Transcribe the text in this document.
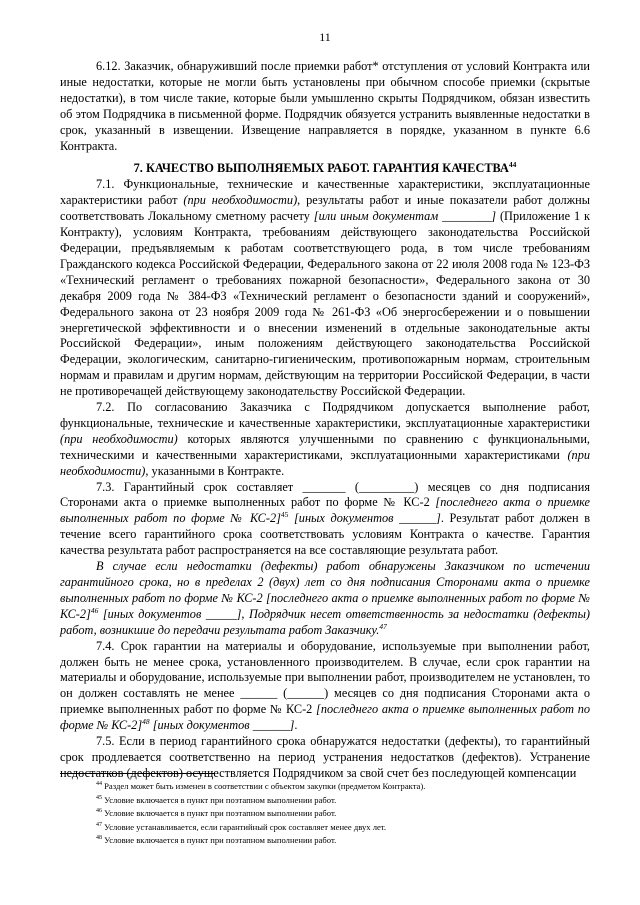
11

6.12. Заказчик, обнаруживший после приемки работ* отступления от условий Контракта или иные недостатки, которые не могли быть установлены при обычном способе приемки (скрытые недостатки), в том числе такие, которые были умышленно скрыты Подрядчиком, обязан известить об этом Подрядчика в письменной форме. Подрядчик обязуется устранить выявленные недостатки в срок, указанный в извещении. Извещение направляется в порядке, указанном в пункте 6.6 Контракта.

7. КАЧЕСТВО ВЫПОЛНЯЕМЫХ РАБОТ. ГАРАНТИЯ КАЧЕСТВА$^{44}$

7.1. Функциональные, технические и качественные характеристики, эксплуатационные характеристики работ (при необходимости), результаты работ и иные показатели работ должны соответствовать Локальному сметному расчету [или иным документам ________] (Приложение 1 к Контракту), условиям Контракта, требованиям действующего законодательства Российской Федерации, предъявляемым к работам соответствующего рода, в том числе требованиям Гражданского кодекса Российской Федерации, Федерального закона от 22 июля 2008 года № 123-ФЗ «Технический регламент о требованиях пожарной безопасности», Федерального закона от 30 декабря 2009 года № 384-ФЗ «Технический регламент о безопасности зданий и сооружений», Федерального закона от 23 ноября 2009 года № 261-ФЗ «Об энергосбережении и о повышении энергетической эффективности и о внесении изменений в отдельные законодательные акты Российской Федерации», иным положениям действующего законодательства Российской Федерации, экологическим, санитарно-гигиеническим, противопожарным нормам, строительным нормам и правилам и другим нормам, действующим на территории Российской Федерации, в части не противоречащей действующему законодательству Российской Федерации.

7.2. По согласованию Заказчика с Подрядчиком допускается выполнение работ, функциональные, технические и качественные характеристики, эксплуатационные характеристики (при необходимости) которых являются улучшенными по сравнению с функциональными, техническими и качественными характеристиками, эксплуатационными характеристиками (при необходимости), указанными в Контракте.

7.3. Гарантийный срок составляет _______ (_________) месяцев со дня подписания Сторонами акта о приемке выполненных работ по форме № КС-2 [последнего акта о приемке выполненных работ по форме № КС-2]$^{45}$ [иных документов ______]. Результат работ должен в течение всего гарантийного срока соответствовать условиям Контракта о качестве. Гарантия качества результата работ распространяется на все составляющие результата работ.

В случае если недостатки (дефекты) работ обнаружены Заказчиком по истечении гарантийного срока, но в пределах 2 (двух) лет со дня подписания Сторонами акта о приемке выполненных работ по форме № КС-2 [последнего акта о приемке выполненных работ по форме № КС-2]$^{46}$ [иных документов _____], Подрядчик несет ответственность за недостатки (дефекты) работ, возникшие до передачи результата работ Заказчику.$^{47}$

7.4. Срок гарантии на материалы и оборудование, используемые при выполнении работ, должен быть не менее срока, установленного производителем. В случае, если срок гарантии на материалы и оборудование, используемые при выполнении работ, производителем не установлен, то он должен составлять не менее ______ (______) месяцев со дня подписания Сторонами акта о приемке выполненных работ по форме № КС-2 [последнего акта о приемке выполненных работ по форме № КС-2]$^{48}$ [иных документов ______].

7.5. Если в период гарантийного срока обнаружатся недостатки (дефекты), то гарантийный срок продлевается соответственно на период устранения недостатков (дефектов). Устранение недостатков (дефектов) осуществляется Подрядчиком за свой счет без последующей компенсации

$^{44}$ Раздел может быть изменен в соответствии с объектом закупки (предметом Контракта).
$^{45}$ Условие включается в пункт при поэтапном выполнении работ.
$^{46}$ Условие включается в пункт при поэтапном выполнении работ.
$^{47}$ Условие устанавливается, если гарантийный срок составляет менее двух лет.
$^{48}$ Условие включается в пункт при поэтапном выполнении работ.
